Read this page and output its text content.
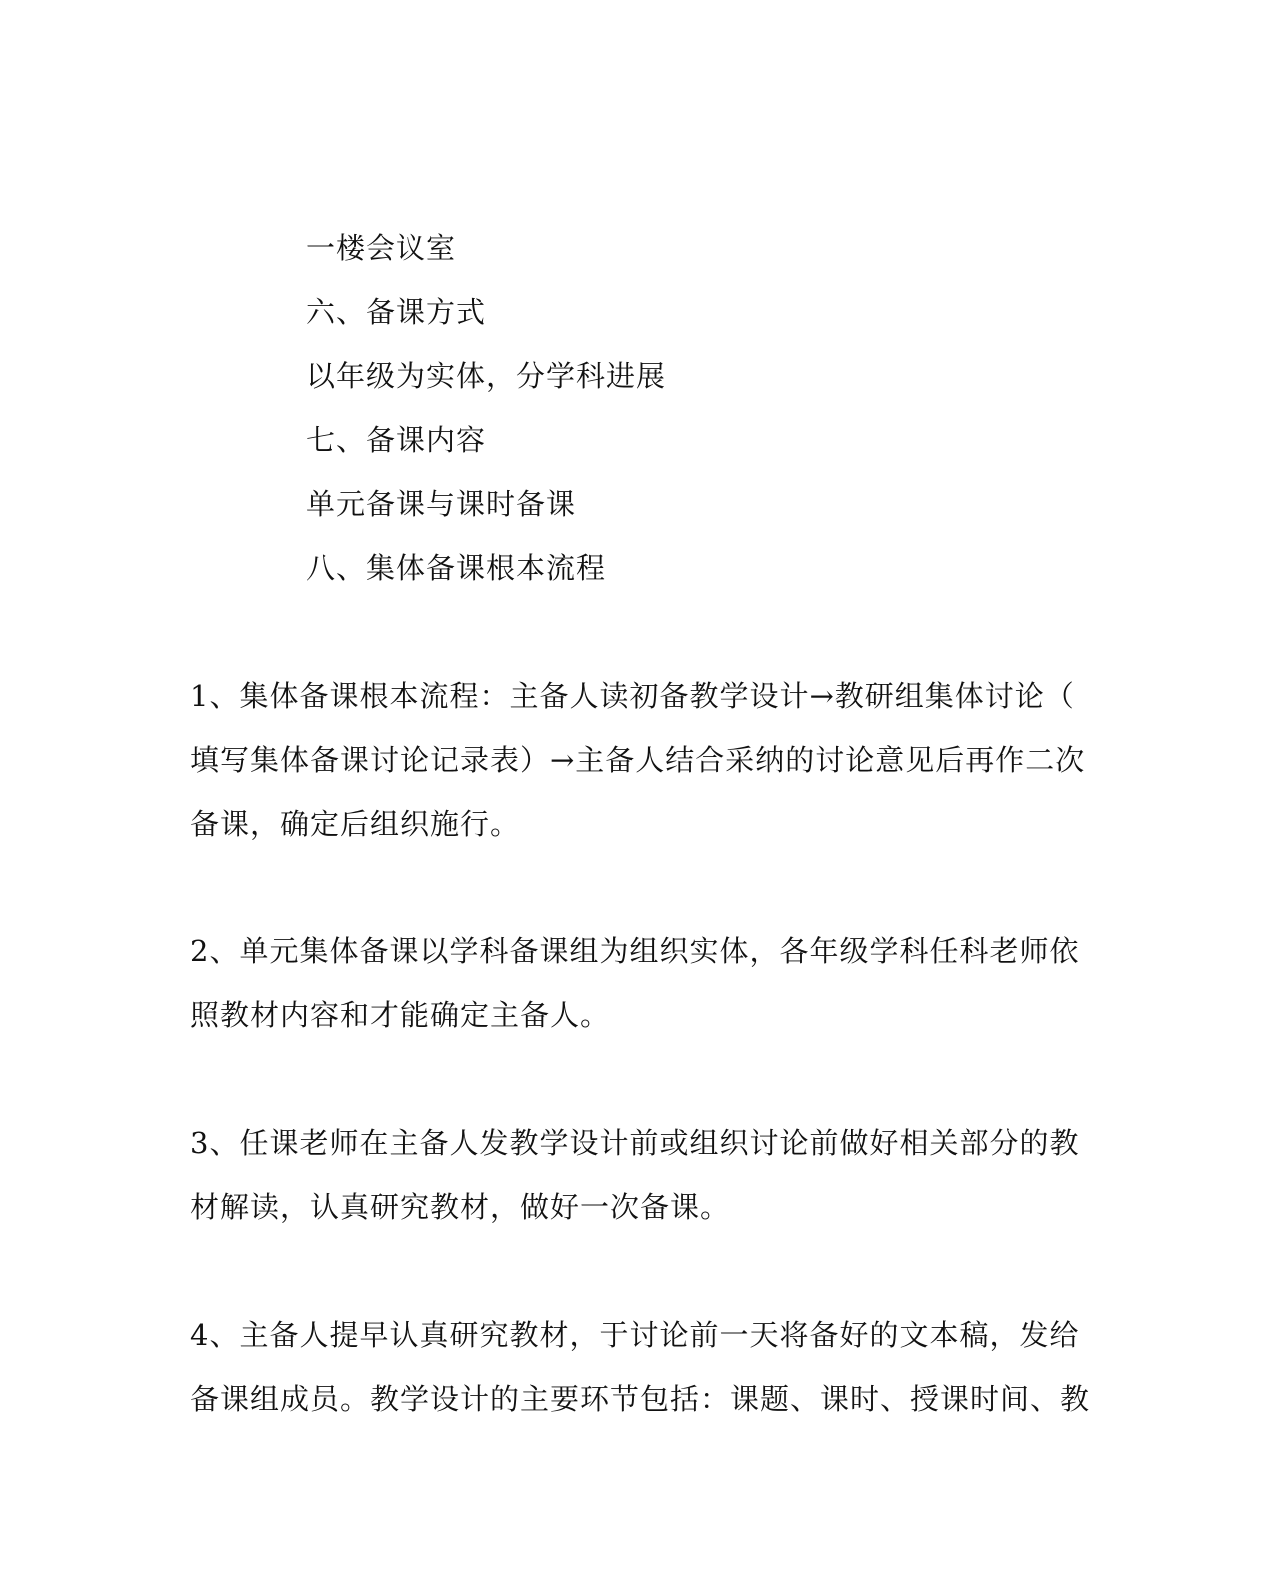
一楼会议室
六、备课方式
以年级为实体，分学科进展
七、备课内容
单元备课与课时备课
八、集体备课根本流程
1、集体备课根本流程：主备人读初备教学设计→教研组集体讨论（
填写集体备课讨论记录表）→主备人结合采纳的讨论意见后再作二次
备课，确定后组织施行。
2、单元集体备课以学科备课组为组织实体，各年级学科任科老师依
照教材内容和才能确定主备人。
3、任课老师在主备人发教学设计前或组织讨论前做好相关部分的教
材解读，认真研究教材，做好一次备课。
4、主备人提早认真研究教材，于讨论前一天将备好的文本稿，发给
备课组成员。教学设计的主要环节包括：课题、课时、授课时间、教
